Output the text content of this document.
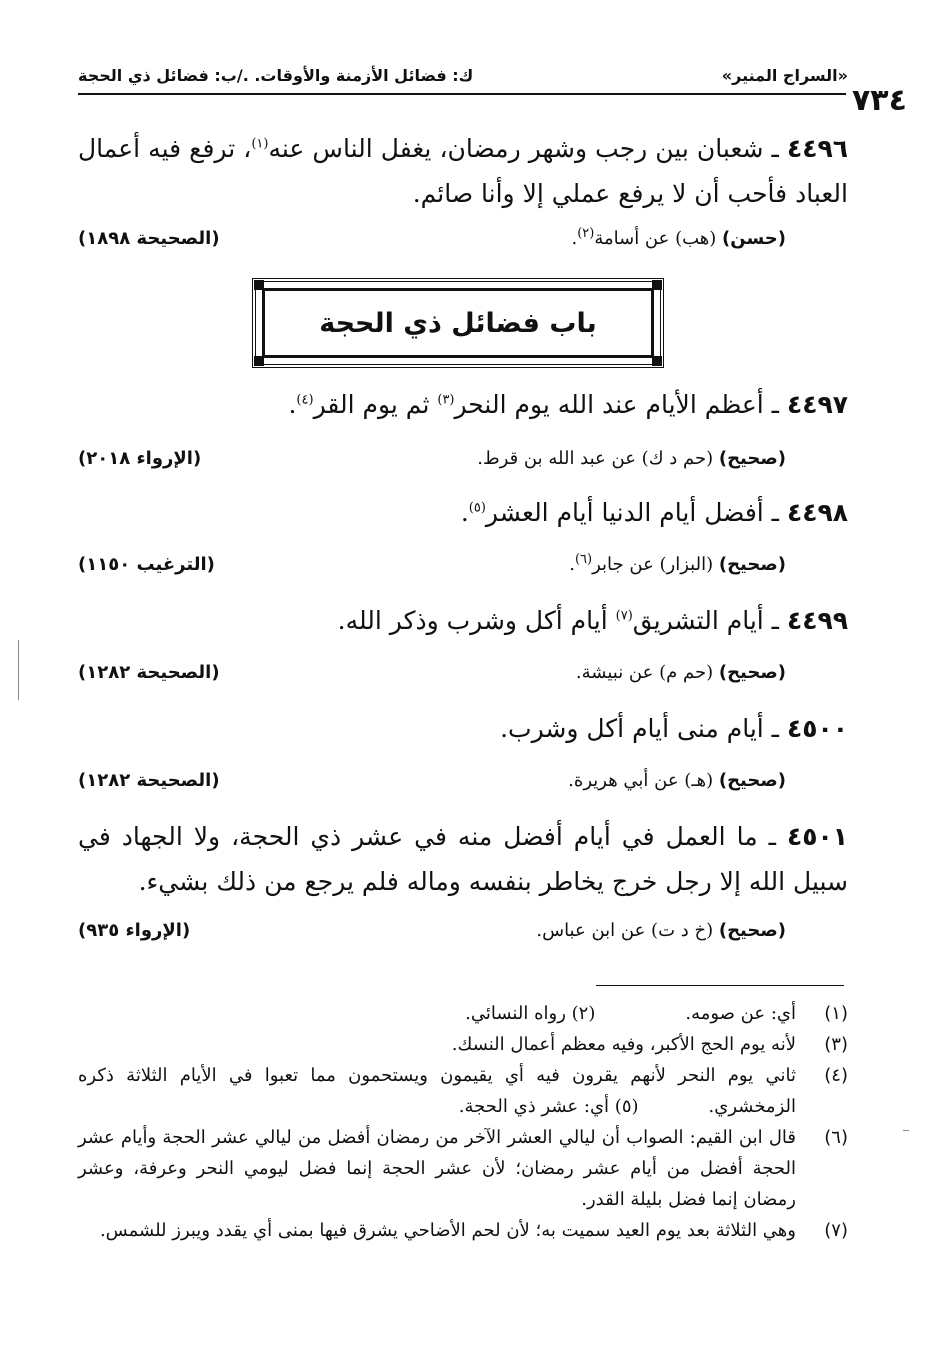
«السراج المنير»
ك: فضائل الأزمنة والأوقات. ./ب: فضائل ذي الحجة
٧٣٤
٤٤٩٦ ـ شعبان بين رجب وشهر رمضان، يغفل الناس عنه$^{(١)}$، ترفع فيه أعمال العباد فأحب أن لا يرفع عملي إلا وأنا صائم.
(حسن) (هب) عن أسامة$^{(٢)}$.
(الصحيحة ١٨٩٨)
باب فضائل ذي الحجة
٤٤٩٧ ـ أعظم الأيام عند الله يوم النحر$^{(٣)}$ ثم يوم القر$^{(٤)}$.
(صحيح) (حم د ك) عن عبد الله بن قرط.
(الإرواء ٢٠١٨)
٤٤٩٨ ـ أفضل أيام الدنيا أيام العشر$^{(٥)}$.
(صحيح) (البزار) عن جابر$^{(٦)}$.
(الترغيب ١١٥٠)
٤٤٩٩ ـ أيام التشريق$^{(٧)}$ أيام أكل وشرب وذكر الله.
(صحيح) (حم م) عن نبيشة.
(الصحيحة ١٢٨٢)
٤٥٠٠ ـ أيام منى أيام أكل وشرب.
(صحيح) (هـ) عن أبي هريرة.
(الصحيحة ١٢٨٢)
٤٥٠١ ـ ما العمل في أيام أفضل منه في عشر ذي الحجة، ولا الجهاد في سبيل الله إلا رجل خرج يخاطر بنفسه وماله فلم يرجع من ذلك بشيء.
(صحيح) (خ د ت) عن ابن عباس.
(الإرواء ٩٣٥)
(١)
أي: عن صومه.(٢) رواه النسائي.
(٣)
لأنه يوم الحج الأكبر، وفيه معظم أعمال النسك.
(٤)
ثاني يوم النحر لأنهم يقرون فيه أي يقيمون ويستحمون مما تعبوا في الأيام الثلاثة ذكره الزمخشري.(٥) أي: عشر ذي الحجة.
(٦)
قال ابن القيم: الصواب أن ليالي العشر الآخر من رمضان أفضل من ليالي عشر الحجة وأيام عشر الحجة أفضل من أيام عشر رمضان؛ لأن عشر الحجة إنما فضل ليومي النحر وعرفة، وعشر رمضان إنما فضل بليلة القدر.
(٧)
وهي الثلاثة بعد يوم العيد سميت به؛ لأن لحم الأضاحي يشرق فيها بمنى أي يقدد ويبرز للشمس.
